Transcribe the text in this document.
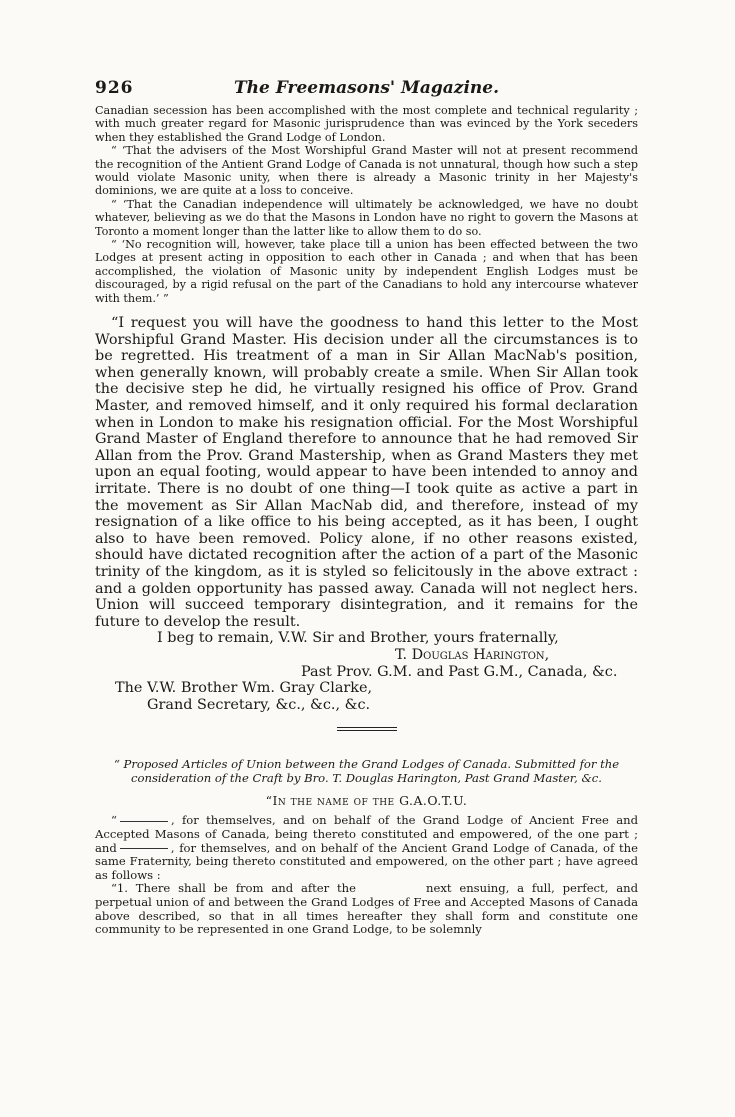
926	The Freemasons' Magazine.

Canadian secession has been accomplished with the most complete and technical regularity ; with much greater regard for Masonic jurisprudence than was evinced by the York seceders when they established the Grand Lodge of London.

“ ‘That the advisers of the Most Worshipful Grand Master will not at present recommend the recognition of the Antient Grand Lodge of Canada is not unnatural, though how such a step would violate Masonic unity, when there is already a Masonic trinity in her Majesty's dominions, we are quite at a loss to conceive.

“ ‘That the Canadian independence will ultimately be acknowledged, we have no doubt whatever, believing as we do that the Masons in London have no right to govern the Masons at Toronto a moment longer than the latter like to allow them to do so.

“ ‘No recognition will, however, take place till a union has been effected between the two Lodges at present acting in opposition to each other in Canada ; and when that has been accomplished, the violation of Masonic unity by independent English Lodges must be discouraged, by a rigid refusal on the part of the Canadians to hold any intercourse whatever with them.’ ”

“I request you will have the goodness to hand this letter to the Most Worshipful Grand Master. His decision under all the circumstances is to be regretted. His treatment of a man in Sir Allan MacNab's position, when generally known, will probably create a smile. When Sir Allan took the decisive step he did, he virtually resigned his office of Prov. Grand Master, and removed himself, and it only required his formal declaration when in London to make his resignation official. For the Most Worshipful Grand Master of England therefore to announce that he had removed Sir Allan from the Prov. Grand Mastership, when as Grand Masters they met upon an equal footing, would appear to have been intended to annoy and irritate. There is no doubt of one thing—I took quite as active a part in the movement as Sir Allan MacNab did, and therefore, instead of my resignation of a like office to his being accepted, as it has been, I ought also to have been removed. Policy alone, if no other reasons existed, should have dictated recognition after the action of a part of the Masonic trinity of the kingdom, as it is styled so felicitously in the above extract : and a golden opportunity has passed away. Canada will not neglect hers. Union will succeed temporary disintegration, and it remains for the future to develop the result.

I beg to remain, V.W. Sir and Brother, yours fraternally,
T. Douglas Harington,
Past Prov. G.M. and Past G.M., Canada, &c.
The V.W. Brother Wm. Gray Clarke,
Grand Secretary, &c., &c., &c.
“ Proposed Articles of Union between the Grand Lodges of Canada. Submitted for the consideration of the Craft by Bro. T. Douglas Harington, Past Grand Master, &c.
“In the name of the G.A.O.T.U.

“	, for themselves, and on behalf of the Grand Lodge of Ancient Free and Accepted Masons of Canada, being thereto constituted and empowered, of the one part ; and	, for themselves, and on behalf of the Ancient Grand Lodge of Canada, of the same Fraternity, being thereto constituted and empowered, on the other part ; have agreed as follows :

“1. There shall be from and after the	next ensuing, a full, perfect, and perpetual union of and between the Grand Lodges of Free and Accepted Masons of Canada above described, so that in all times hereafter they shall form and constitute one community to be represented in one Grand Lodge, to be solemnly
